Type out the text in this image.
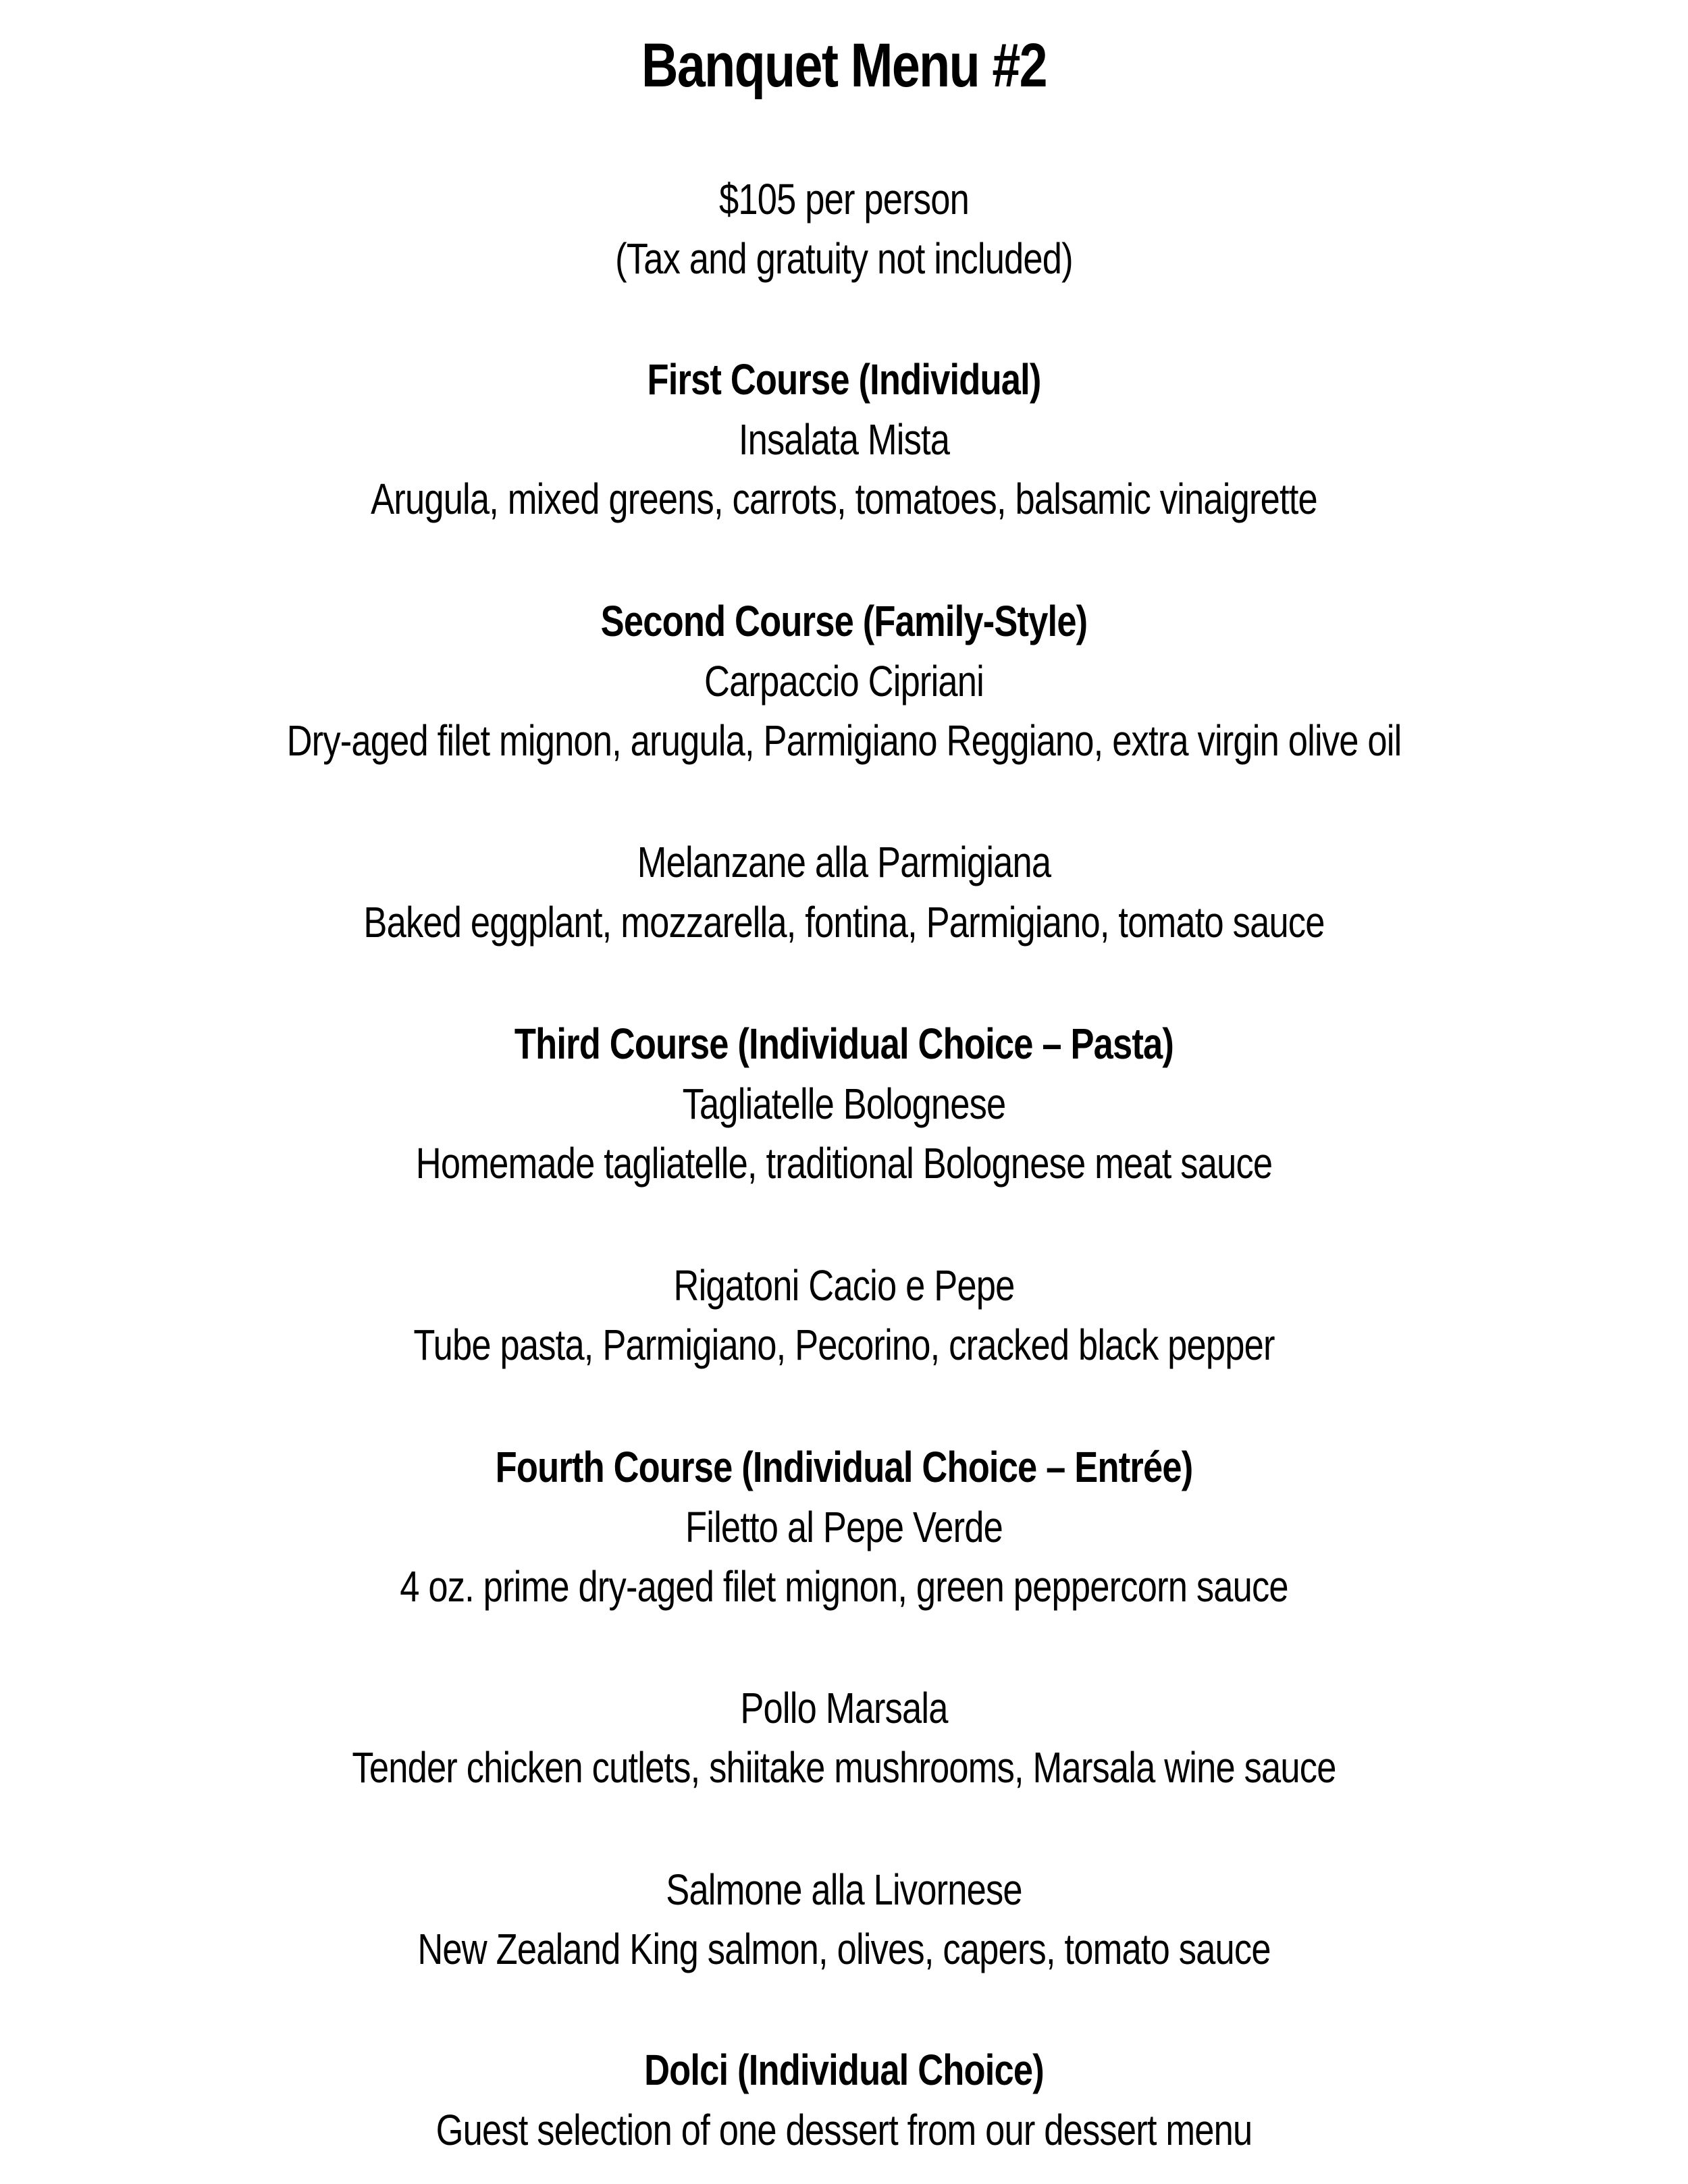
Banquet Menu #2
$105 per person
(Tax and gratuity not included)
First Course (Individual)
Insalata Mista
Arugula, mixed greens, carrots, tomatoes, balsamic vinaigrette
Second Course (Family-Style)
Carpaccio Cipriani
Dry-aged filet mignon, arugula, Parmigiano Reggiano, extra virgin olive oil
Melanzane alla Parmigiana
Baked eggplant, mozzarella, fontina, Parmigiano, tomato sauce
Third Course (Individual Choice – Pasta)
Tagliatelle Bolognese
Homemade tagliatelle, traditional Bolognese meat sauce
Rigatoni Cacio e Pepe
Tube pasta, Parmigiano, Pecorino, cracked black pepper
Fourth Course (Individual Choice – Entrée)
Filetto al Pepe Verde
4 oz. prime dry-aged filet mignon, green peppercorn sauce
Pollo Marsala
Tender chicken cutlets, shiitake mushrooms, Marsala wine sauce
Salmone alla Livornese
New Zealand King salmon, olives, capers, tomato sauce
Dolci (Individual Choice)
Guest selection of one dessert from our dessert menu
